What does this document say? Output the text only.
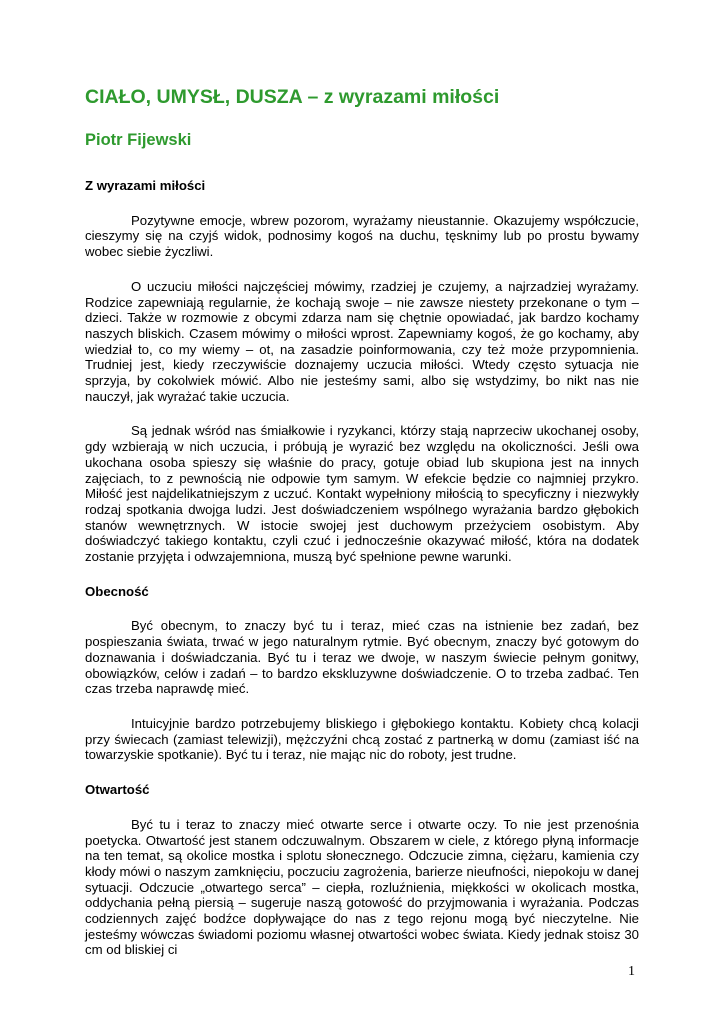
CIAŁO, UMYSŁ, DUSZA – z wyrazami miłości
Piotr Fijewski
Z wyrazami miłości

Pozytywne emocje, wbrew pozorom, wyrażamy nieustannie. Okazujemy współczucie, cieszymy się na czyjś widok, podnosimy kogoś na duchu, tęsknimy lub po prostu bywamy wobec siebie życzliwi.

O uczuciu miłości najczęściej mówimy, rzadziej je czujemy, a najrzadziej wyrażamy. Rodzice zapewniają regularnie, że kochają swoje – nie zawsze niestety przekonane o tym – dzieci. Także w rozmowie z obcymi zdarza nam się chętnie opowiadać, jak bardzo kochamy naszych bliskich. Czasem mówimy o miłości wprost. Zapewniamy kogoś, że go kochamy, aby wiedział to, co my wiemy – ot, na zasadzie poinformowania, czy też może przypomnienia. Trudniej jest, kiedy rzeczywiście doznajemy uczucia miłości. Wtedy często sytuacja nie sprzyja, by cokolwiek mówić. Albo nie jesteśmy sami, albo się wstydzimy, bo nikt nas nie nauczył, jak wyrażać takie uczucia.

Są jednak wśród nas śmiałkowie i ryzykanci, którzy stają naprzeciw ukochanej osoby, gdy wzbierają w nich uczucia, i próbują je wyrazić bez względu na okoliczności. Jeśli owa ukochana osoba spieszy się właśnie do pracy, gotuje obiad lub skupiona jest na innych zajęciach, to z pewnością nie odpowie tym samym. W efekcie będzie co najmniej przykro. Miłość jest najdelikatniejszym z uczuć. Kontakt wypełniony miłością to specyficzny i niezwykły rodzaj spotkania dwojga ludzi. Jest doświadczeniem wspólnego wyrażania bardzo głębokich stanów wewnętrznych. W istocie swojej jest duchowym przeżyciem osobistym. Aby doświadczyć takiego kontaktu, czyli czuć i jednocześnie okazywać miłość, która na dodatek zostanie przyjęta i odwzajemniona, muszą być spełnione pewne warunki.

Obecność

Być obecnym, to znaczy być tu i teraz, mieć czas na istnienie bez zadań, bez pospieszania świata, trwać w jego naturalnym rytmie. Być obecnym, znaczy być gotowym do doznawania i doświadczania. Być tu i teraz we dwoje, w naszym świecie pełnym gonitwy, obowiązków, celów i zadań – to bardzo ekskluzywne doświadczenie. O to trzeba zadbać. Ten czas trzeba naprawdę mieć.

Intuicyjnie bardzo potrzebujemy bliskiego i głębokiego kontaktu. Kobiety chcą kolacji przy świecach (zamiast telewizji), mężczyźni chcą zostać z partnerką w domu (zamiast iść na towarzyskie spotkanie). Być tu i teraz, nie mając nic do roboty, jest trudne.

Otwartość

Być tu i teraz to znaczy mieć otwarte serce i otwarte oczy. To nie jest przenośnia poetycka. Otwartość jest stanem odczuwalnym. Obszarem w ciele, z którego płyną informacje na ten temat, są okolice mostka i splotu słonecznego. Odczucie zimna, ciężaru, kamienia czy kłody mówi o naszym zamknięciu, poczuciu zagrożenia, barierze nieufności, niepokoju w danej sytuacji. Odczucie „otwartego serca” – ciepła, rozluźnienia, miękkości w okolicach mostka, oddychania pełną piersią – sugeruje naszą gotowość do przyjmowania i wyrażania. Podczas codziennych zajęć bodźce dopływające do nas z tego rejonu mogą być nieczytelne. Nie jesteśmy wówczas świadomi poziomu własnej otwartości wobec świata. Kiedy jednak stoisz 30 cm od bliskiej ci

1
